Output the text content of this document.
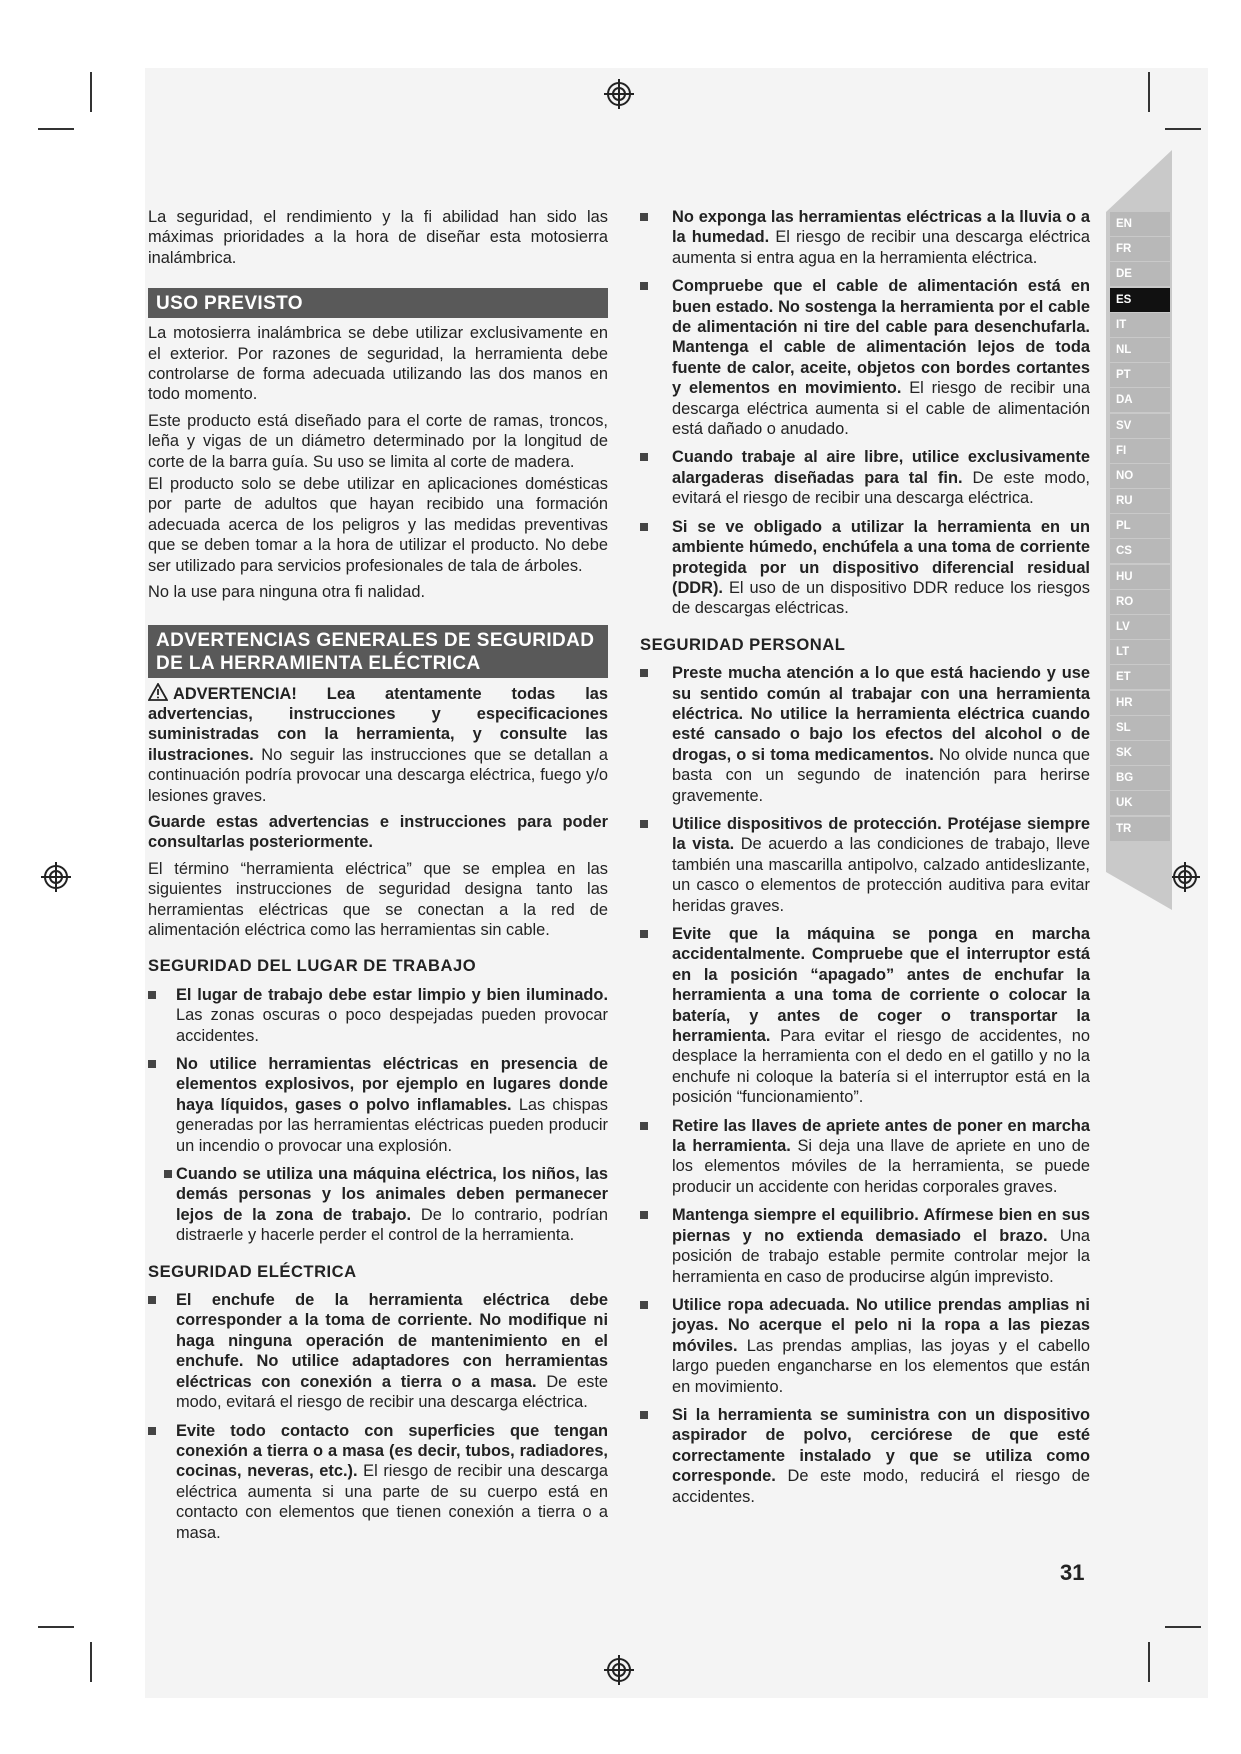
EN
FR
DE
ES
IT
NL
PT
DA
SV
FI
NO
RU
PL
CS
HU
RO
LV
LT
ET
HR
SL
SK
BG
UK
TR

La seguridad, el rendimiento y la fi abilidad han sido las máximas prioridades a la hora de diseñar esta motosierra inalámbrica.

USO PREVISTO

La motosierra inalámbrica se debe utilizar exclusivamente en el exterior. Por razones de seguridad, la herramienta debe controlarse de forma adecuada utilizando las dos manos en todo momento.

Este producto está diseñado para el corte de ramas, troncos, leña y vigas de un diámetro determinado por la longitud de corte de la barra guía. Su uso se limita al corte de madera.

El producto solo se debe utilizar en aplicaciones domésticas por parte de adultos que hayan recibido una formación adecuada acerca de los peligros y las medidas preventivas que se deben tomar a la hora de utilizar el producto. No debe ser utilizado para servicios profesionales de tala de árboles.

No la use para ninguna otra fi nalidad.

ADVERTENCIAS GENERALES DE SEGURIDAD
DE LA HERRAMIENTA ELÉCTRICA

ADVERTENCIA! Lea atentamente todas las advertencias, instrucciones y especificaciones suministradas con la herramienta, y consulte las ilustraciones. No seguir las instrucciones que se detallan a continuación podría provocar una descarga eléctrica, fuego y/o lesiones graves.

Guarde estas advertencias e instrucciones para poder consultarlas posteriormente.

El término “herramienta eléctrica” que se emplea en las siguientes instrucciones de seguridad designa tanto las herramientas eléctricas que se conectan a la red de alimentación eléctrica como las herramientas sin cable.

SEGURIDAD DEL LUGAR DE TRABAJO
El lugar de trabajo debe estar limpio y bien iluminado. Las zonas oscuras o poco despejadas pueden provocar accidentes.
No utilice herramientas eléctricas en presencia de elementos explosivos, por ejemplo en lugares donde haya líquidos, gases o polvo inflamables. Las chispas generadas por las herramientas eléctricas pueden producir un incendio o provocar una explosión.
Cuando se utiliza una máquina eléctrica, los niños, las demás personas y los animales deben permanecer lejos de la zona de trabajo. De lo contrario, podrían distraerle y hacerle perder el control de la herramienta.
SEGURIDAD ELÉCTRICA
El enchufe de la herramienta eléctrica debe corresponder a la toma de corriente. No modifique ni haga ninguna operación de mantenimiento en el enchufe. No utilice adaptadores con herramientas eléctricas con conexión a tierra o a masa. De este modo, evitará el riesgo de recibir una descarga eléctrica.
Evite todo contacto con superficies que tengan conexión a tierra o a masa (es decir, tubos, radiadores, cocinas, neveras, etc.). El riesgo de recibir una descarga eléctrica aumenta si una parte de su cuerpo está en contacto con elementos que tienen conexión a tierra o a masa.
No exponga las herramientas eléctricas a la lluvia o a la humedad. El riesgo de recibir una descarga eléctrica aumenta si entra agua en la herramienta eléctrica.
Compruebe que el cable de alimentación está en buen estado. No sostenga la herramienta por el cable de alimentación ni tire del cable para desenchufarla. Mantenga el cable de alimentación lejos de toda fuente de calor, aceite, objetos con bordes cortantes y elementos en movimiento. El riesgo de recibir una descarga eléctrica aumenta si el cable de alimentación está dañado o anudado.
Cuando trabaje al aire libre, utilice exclusivamente alargaderas diseñadas para tal fin. De este modo, evitará el riesgo de recibir una descarga eléctrica.
Si se ve obligado a utilizar la herramienta en un ambiente húmedo, enchúfela a una toma de corriente protegida por un dispositivo diferencial residual (DDR). El uso de un dispositivo DDR reduce los riesgos de descargas eléctricas.
SEGURIDAD PERSONAL
Preste mucha atención a lo que está haciendo y use su sentido común al trabajar con una herramienta eléctrica. No utilice la herramienta eléctrica cuando esté cansado o bajo los efectos del alcohol o de drogas, o si toma medicamentos. No olvide nunca que basta con un segundo de inatención para herirse gravemente.
Utilice dispositivos de protección. Protéjase siempre la vista. De acuerdo a las condiciones de trabajo, lleve también una mascarilla antipolvo, calzado antideslizante, un casco o elementos de protección auditiva para evitar heridas graves.
Evite que la máquina se ponga en marcha accidentalmente. Compruebe que el interruptor está en la posición “apagado” antes de enchufar la herramienta a una toma de corriente o colocar la batería, y antes de coger o transportar la herramienta. Para evitar el riesgo de accidentes, no desplace la herramienta con el dedo en el gatillo y no la enchufe ni coloque la batería si el interruptor está en la posición “funcionamiento”.
Retire las llaves de apriete antes de poner en marcha la herramienta. Si deja una llave de apriete en uno de los elementos móviles de la herramienta, se puede producir un accidente con heridas corporales graves.
Mantenga siempre el equilibrio. Afírmese bien en sus piernas y no extienda demasiado el brazo. Una posición de trabajo estable permite controlar mejor la herramienta en caso de producirse algún imprevisto.
Utilice ropa adecuada. No utilice prendas amplias ni joyas. No acerque el pelo ni la ropa a las piezas móviles. Las prendas amplias, las joyas y el cabello largo pueden engancharse en los elementos que están en movimiento.
Si la herramienta se suministra con un dispositivo aspirador de polvo, cerciórese de que esté correctamente instalado y que se utiliza como corresponde. De este modo, reducirá el riesgo de accidentes.
31
